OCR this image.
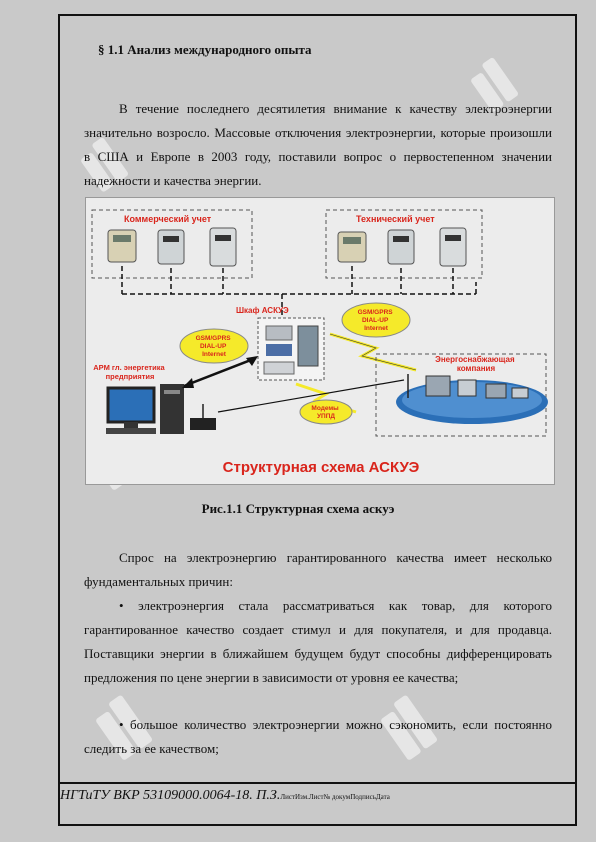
§ 1.1 Анализ международного опыта

В течение последнего десятилетия внимание к качеству электроэнергии значительно возросло. Массовые отключения электроэнергии, которые произошли в США и Европе в 2003 году, поставили вопрос о первостепенном значении надежности и качества энергии.

Коммерческий учет	Технический учет
Шкаф АСКУЭ
GSM/GPRS DIAL-UP Internet
GSM/GPRS DIAL-UP Internet
АРМ гл. энергетика предприятия
Модемы УППД
Энергоснабжающая компания
Структурная схема АСКУЭ
Рис.1.1 Структурная схема аскуэ

Спрос на электроэнергию гарантированного качества имеет несколько фундаментальных причин:

• электроэнергия стала рассматриваться как товар, для которого гарантированное качество создает стимул и для покупателя, и для продавца. Поставщики энергии в ближайшем будущем будут способны дифференцировать предложения по цене энергии в зависимости от уровня ее качества;

• большое количество электроэнергии можно сэкономить, если постоянно следить за ее качеством;

НГТиТУ ВКР 53109000.0064-18. П.З.ЛистИзм.Лист№ докумПодписьДата
